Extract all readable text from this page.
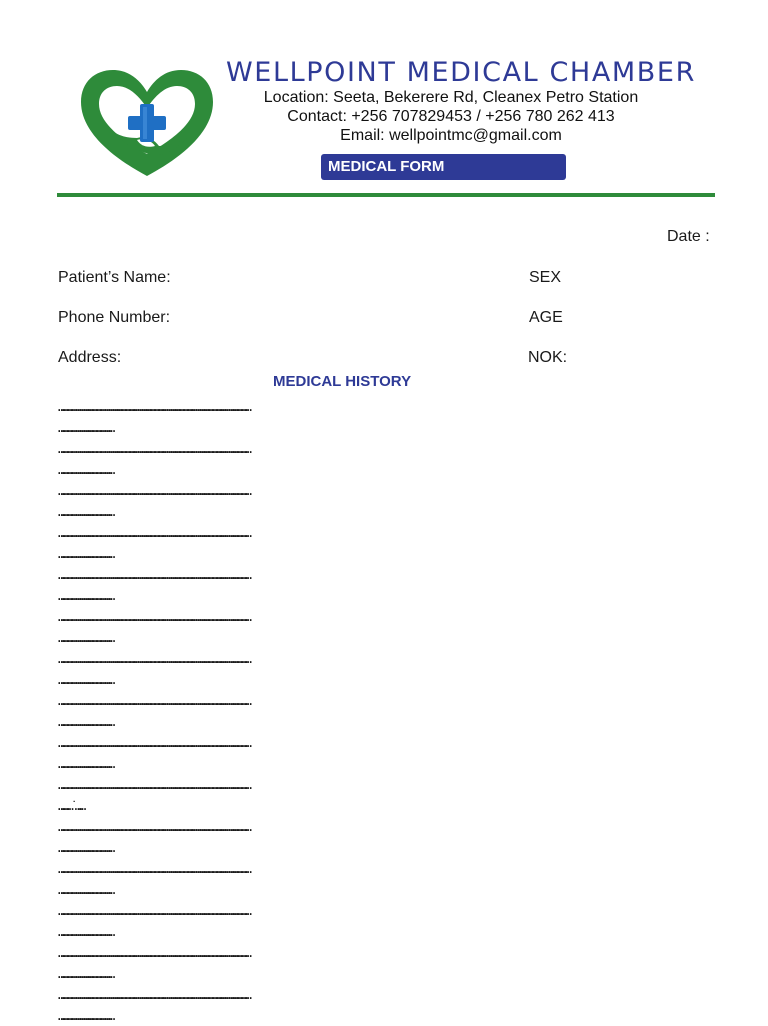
WELLPOINT MEDICAL CHAMBER
Location: Seeta, Bekerere Rd, Cleanex Petro Station
Contact: +256 707829453 / +256 780 262 413
Email: wellpointmc@gmail.com
MEDICAL FORM
Date :
Patient’s Name:	SEX
Phone Number:	AGE
Address:	NOK:
MEDICAL HISTORY
…………………………………………………………………………………………………………………………
…………………………………
…………………………………………………………………………………………………………………………
…………………………………
…………………………………………………………………………………………………………………………
…………………………………
…………………………………………………………………………………………………………………………
…………………………………
…………………………………………………………………………………………………………………………
…………………………………
…………………………………………………………………………………………………………………………
…………………………………
…………………………………………………………………………………………………………………………
…………………………………
…………………………………………………………………………………………………………………………
…………………………………
…………………………………………………………………………………………………………………………
…………………………………
…………………………………………………………………………………………………………………………
………˙……
…………………………………………………………………………………………………………………………
…………………………………
…………………………………………………………………………………………………………………………
…………………………………
…………………………………………………………………………………………………………………………
…………………………………
…………………………………………………………………………………………………………………………
…………………………………
…………………………………………………………………………………………………………………………
…………………………………
